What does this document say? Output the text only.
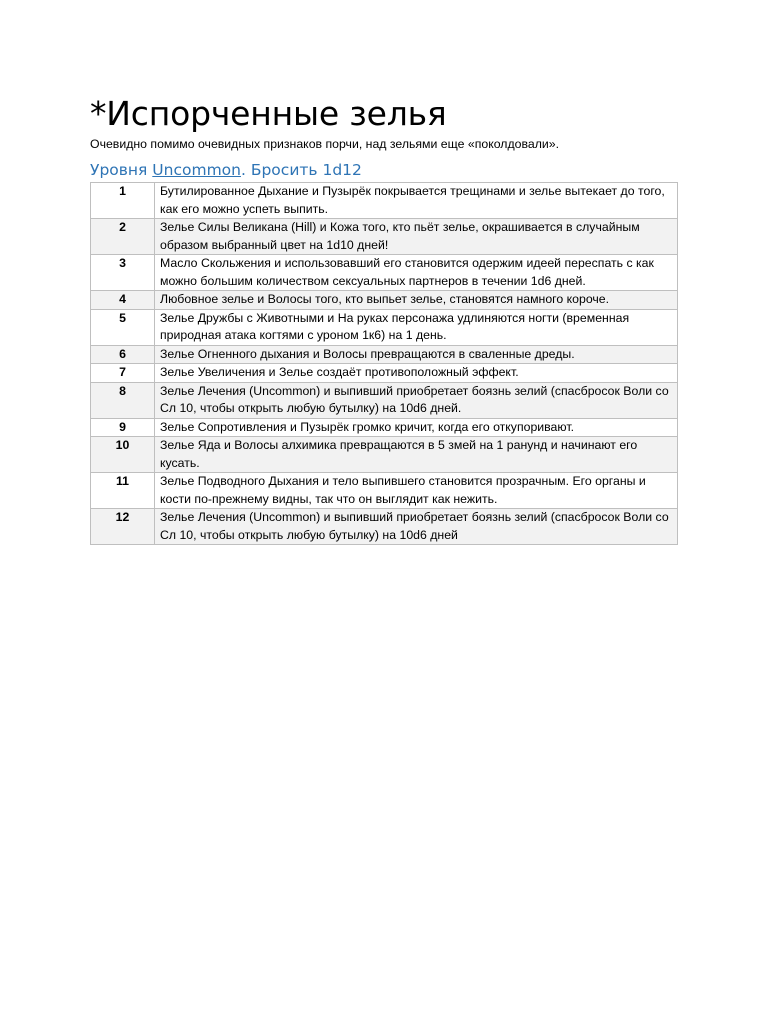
*Испорченные зелья

Очевидно помимо очевидных признаков порчи, над зельями еще «поколдовали».

Уровня Uncommon. Бросить 1d12
1	Бутилированное Дыхание и Пузырёк покрывается трещинами и зелье вытекает до того, как его можно успеть выпить.
2	Зелье Силы Великана (Hill) и Кожа того, кто пьёт зелье, окрашивается в случайным образом выбранный цвет на 1d10 дней!
3	Масло Скольжения и использовавший его становится одержим идеей переспать с как можно большим количеством сексуальных партнеров в течении 1d6 дней.
4	Любовное зелье и Волосы того, кто выпьет зелье, становятся намного короче.
5	Зелье Дружбы с Животными и На руках персонажа удлиняются ногти (временная природная атака когтями с уроном 1к6) на 1 день.
6	Зелье Огненного дыхания и Волосы превращаются в сваленные дреды.
7	Зелье Увеличения и Зелье создаёт противоположный эффект.
8	Зелье Лечения (Uncommon) и выпивший приобретает боязнь зелий (спасбросок Воли со Сл 10, чтобы открыть любую бутылку) на 10d6 дней.
9	Зелье Сопротивления и Пузырёк громко кричит, когда его откупоривают.
10	Зелье Яда и Волосы алхимика превращаются в 5 змей на 1 ранунд и начинают его кусать.
11	Зелье Подводного Дыхания и тело выпившего становится прозрачным. Его органы и кости по-прежнему видны, так что он выглядит как нежить.
12	Зелье Лечения (Uncommon) и выпивший приобретает боязнь зелий (спасбросок Воли со Сл 10, чтобы открыть любую бутылку) на 10d6 дней
